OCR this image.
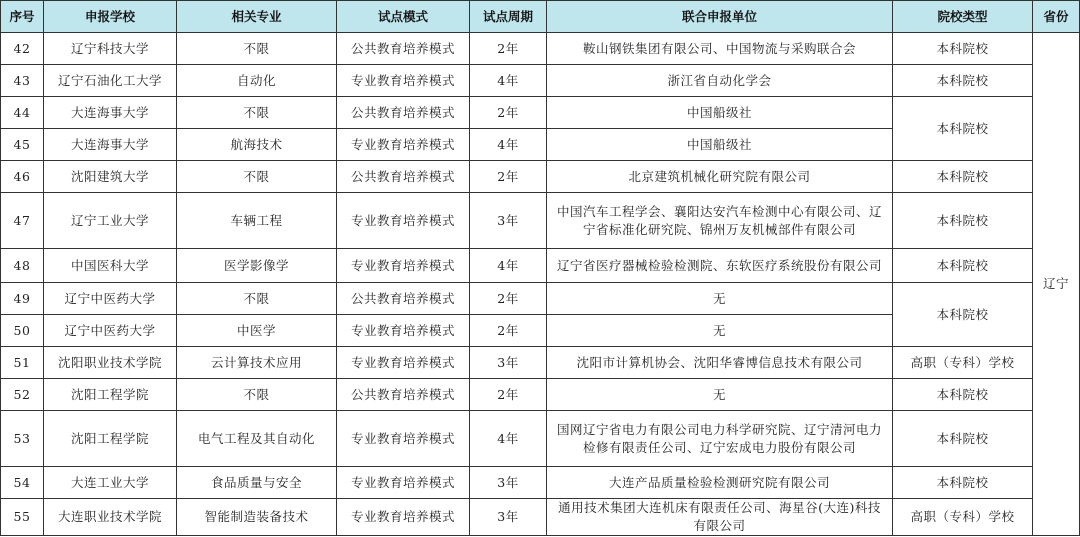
序号	申报学校	相关专业	试点模式	试点周期	联合申报单位	院校类型	省份
42	辽宁科技大学	不限	公共教育培养模式	2年	鞍山钢铁集团有限公司、中国物流与采购联合会	本科院校	辽宁
43	辽宁石油化工大学	自动化	专业教育培养模式	4年	浙江省自动化学会	本科院校	
44	大连海事大学	不限	公共教育培养模式	2年	中国船级社	本科院校	
45	大连海事大学	航海技术	专业教育培养模式	4年	中国船级社		
46	沈阳建筑大学	不限	公共教育培养模式	2年	北京建筑机械化研究院有限公司	本科院校	
47	辽宁工业大学	车辆工程	专业教育培养模式	3年	中国汽车工程学会、襄阳达安汽车检测中心有限公司、辽宁省标准化研究院、锦州万友机械部件有限公司	本科院校	
48	中国医科大学	医学影像学	专业教育培养模式	4年	辽宁省医疗器械检验检测院、东软医疗系统股份有限公司	本科院校	
49	辽宁中医药大学	不限	公共教育培养模式	2年	无	本科院校	
50	辽宁中医药大学	中医学	专业教育培养模式	2年	无		
51	沈阳职业技术学院	云计算技术应用	专业教育培养模式	3年	沈阳市计算机协会、沈阳华睿博信息技术有限公司	高职（专科）学校	
52	沈阳工程学院	不限	公共教育培养模式	2年	无	本科院校	
53	沈阳工程学院	电气工程及其自动化	专业教育培养模式	4年	国网辽宁省电力有限公司电力科学研究院、辽宁清河电力检修有限责任公司、辽宁宏成电力股份有限公司	本科院校	
54	大连工业大学	食品质量与安全	专业教育培养模式	3年	大连产品质量检验检测研究院有限公司	本科院校	
55	大连职业技术学院	智能制造装备技术	专业教育培养模式	3年	通用技术集团大连机床有限责任公司、海星谷(大连)科技有限公司	高职（专科）学校	
